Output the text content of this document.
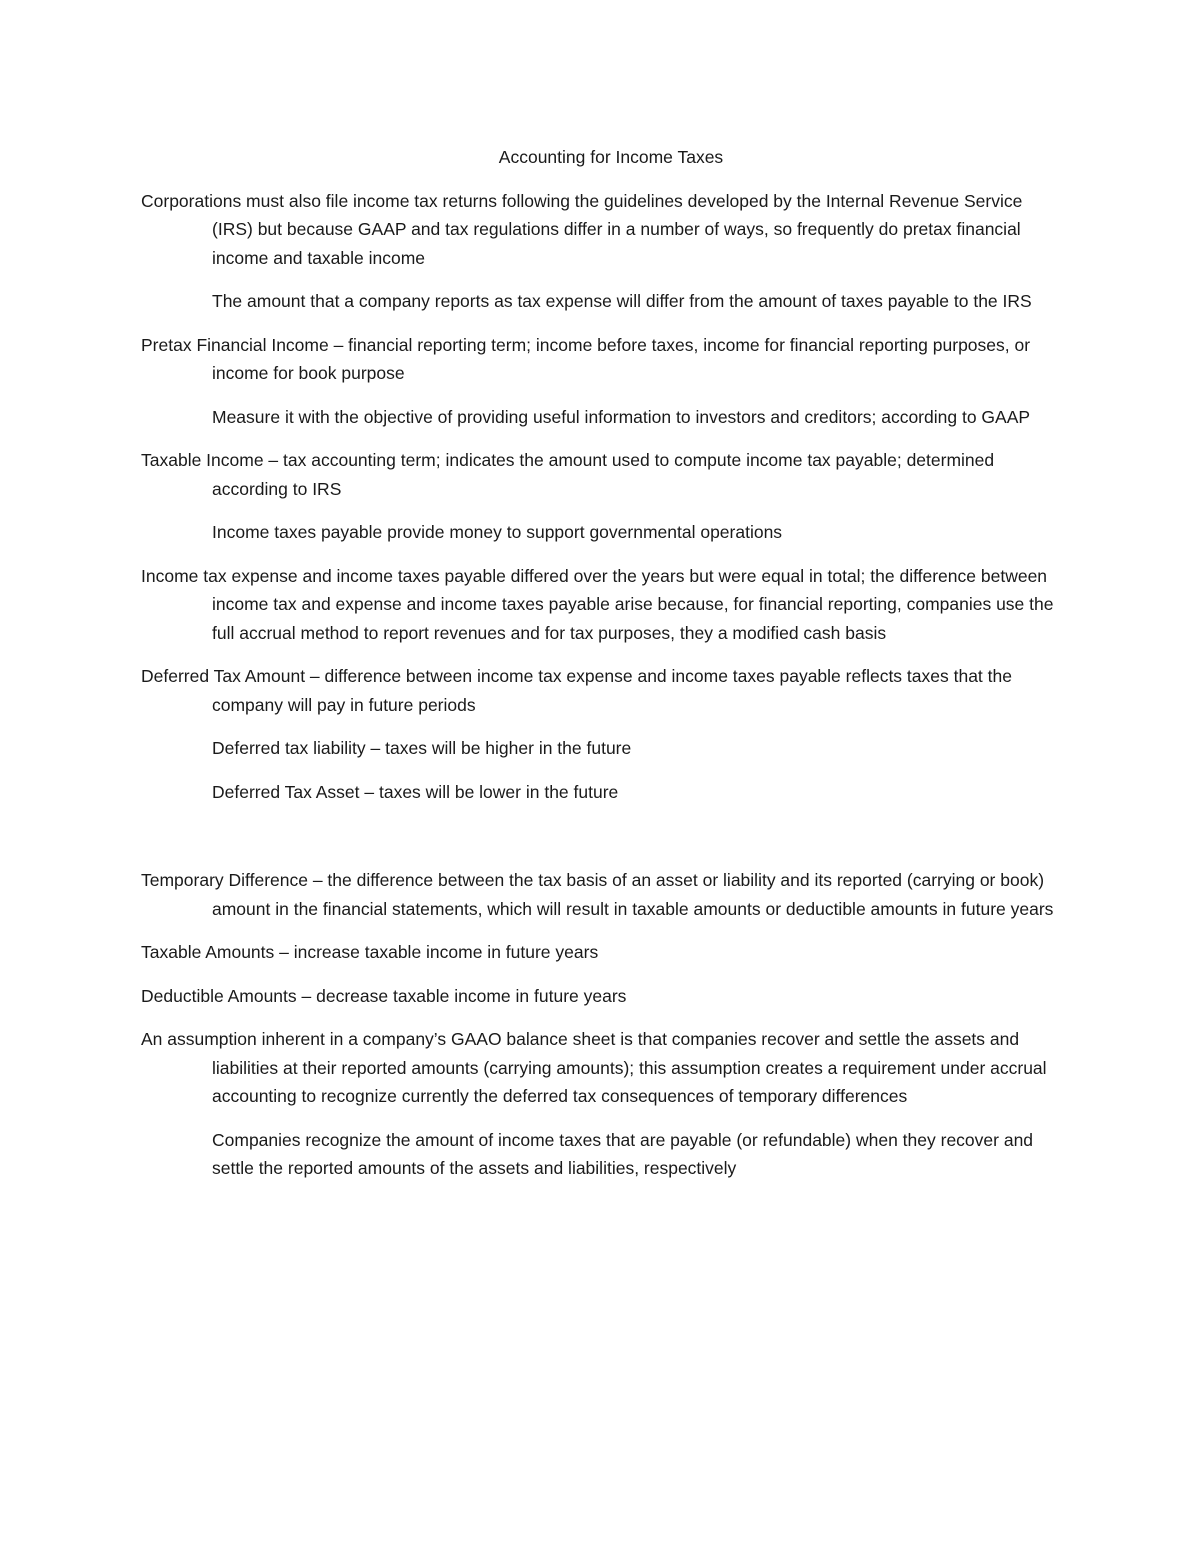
Accounting for Income Taxes

Corporations must also file income tax returns following the guidelines developed by the Internal Revenue Service (IRS) but because GAAP and tax regulations differ in a number of ways, so frequently do pretax financial income and taxable income

The amount that a company reports as tax expense will differ from the amount of taxes payable to the IRS

Pretax Financial Income – financial reporting term; income before taxes, income for financial reporting purposes, or income for book purpose

Measure it with the objective of providing useful information to investors and creditors; according to GAAP

Taxable Income – tax accounting term; indicates the amount used to compute income tax payable; determined according to IRS

Income taxes payable provide money to support governmental operations

Income tax expense and income taxes payable differed over the years but were equal in total; the difference between income tax and expense and income taxes payable arise because, for financial reporting, companies use the full accrual method to report revenues and for tax purposes, they a modified cash basis

Deferred Tax Amount – difference between income tax expense and income taxes payable reflects taxes that the company will pay in future periods

Deferred tax liability – taxes will be higher in the future

Deferred Tax Asset – taxes will be lower in the future

Temporary Difference – the difference between the tax basis of an asset or liability and its reported (carrying or book) amount in the financial statements, which will result in taxable amounts or deductible amounts in future years

Taxable Amounts – increase taxable income in future years

Deductible Amounts – decrease taxable income in future years

An assumption inherent in a company’s GAAO balance sheet is that companies recover and settle the assets and liabilities at their reported amounts (carrying amounts); this assumption creates a requirement under accrual accounting to recognize currently the deferred tax consequences of temporary differences

Companies recognize the amount of income taxes that are payable (or refundable) when they recover and settle the reported amounts of the assets and liabilities, respectively
